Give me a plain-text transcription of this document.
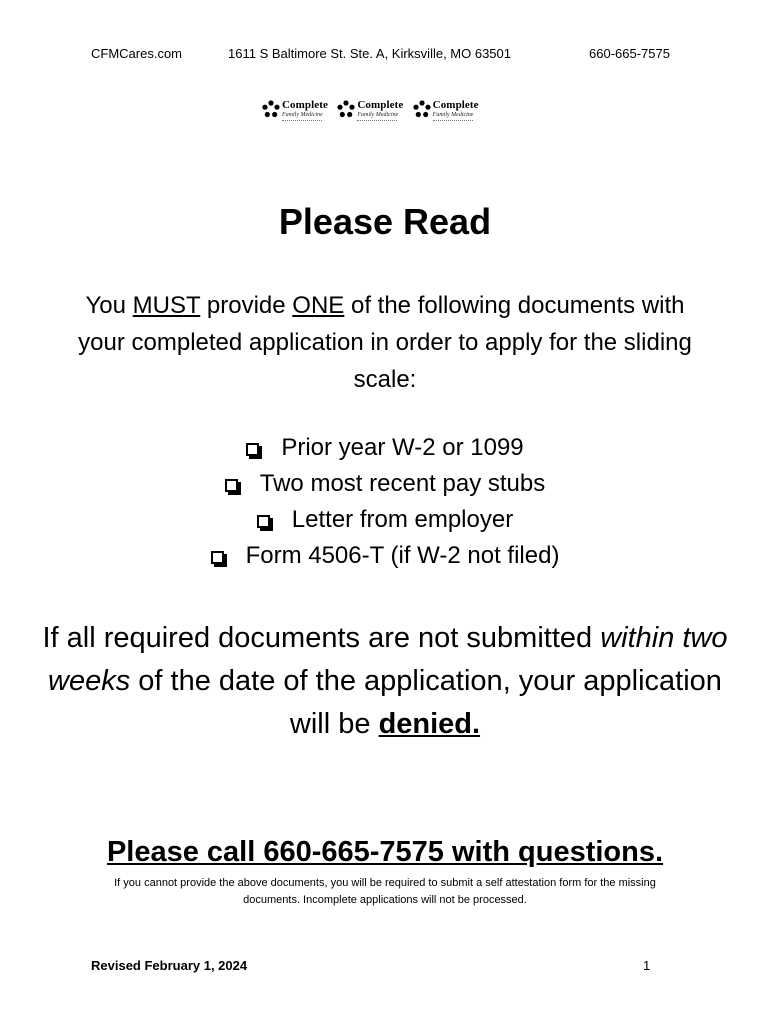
CFMCares.com	1611 S Baltimore St. Ste. A, Kirksville, MO 63501	660-665-7575
Complete
Family Medicine
Complete
Family Medicine
Complete
Family Medicine
Please Read

You MUST provide ONE of the following documents with your completed application in order to apply for the sliding scale:

Prior year W-2 or 1099
Two most recent pay stubs
Letter from employer
Form 4506-T (if W-2 not filed)

If all required documents are not submitted within two weeks of the date of the application, your application will be denied.

Please call 660-665-7575 with questions.

If you cannot provide the above documents, you will be required to submit a self attestation form for the missing documents. Incomplete applications will not be processed.

Revised February 1, 2024	1
